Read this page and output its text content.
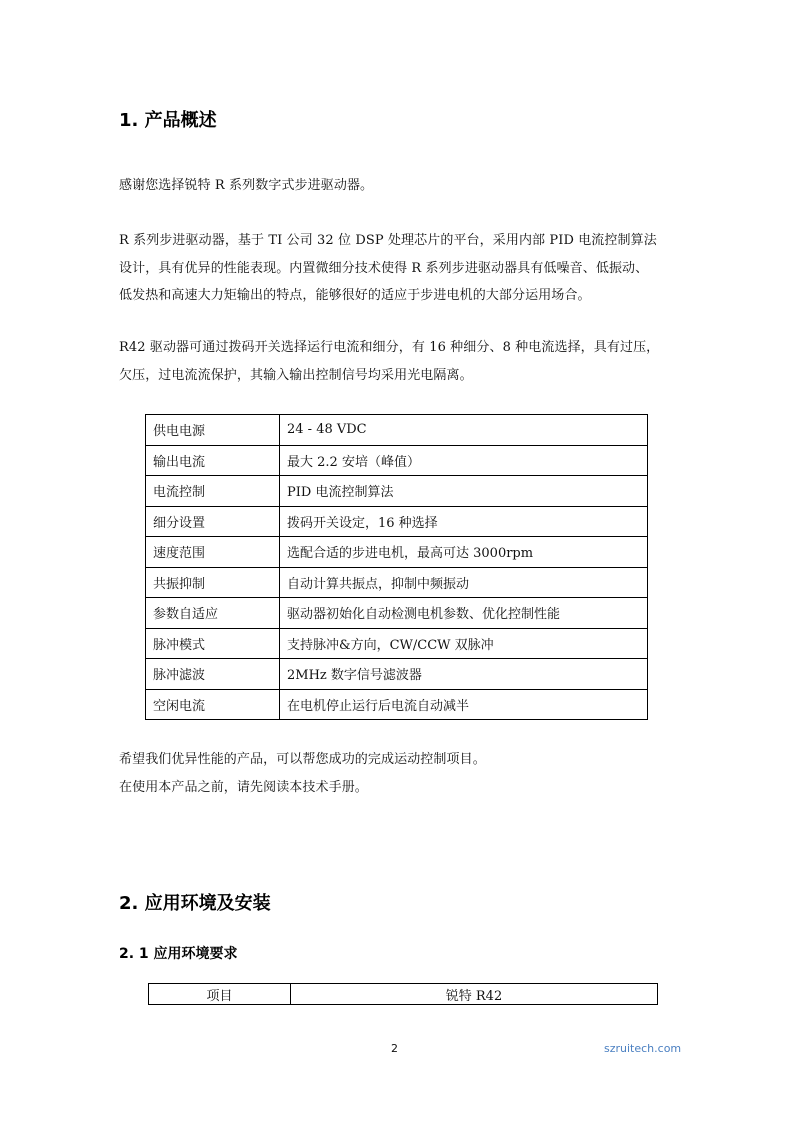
1. 产品概述
感谢您选择锐特 R 系列数字式步进驱动器。
R 系列步进驱动器，基于 TI 公司 32 位 DSP 处理芯片的平台，采用内部 PID 电流控制算法
设计，具有优异的性能表现。内置微细分技术使得 R 系列步进驱动器具有低噪音、低振动、
低发热和高速大力矩输出的特点，能够很好的适应于步进电机的大部分运用场合。
R42 驱动器可通过拨码开关选择运行电流和细分，有 16 种细分、8 种电流选择，具有过压，
欠压，过电流流保护，其输入输出控制信号均采用光电隔离。
供电电源	24 - 48 VDC
输出电流	最大 2.2 安培（峰值）
电流控制	PID 电流控制算法
细分设置	拨码开关设定，16 种选择
速度范围	选配合适的步进电机，最高可达 3000rpm
共振抑制	自动计算共振点，抑制中频振动
参数自适应	驱动器初始化自动检测电机参数、优化控制性能
脉冲模式	支持脉冲&方向，CW/CCW 双脉冲
脉冲滤波	2MHz 数字信号滤波器
空闲电流	在电机停止运行后电流自动减半
希望我们优异性能的产品，可以帮您成功的完成运动控制项目。
在使用本产品之前，请先阅读本技术手册。
2. 应用环境及安装
2. 1 应用环境要求
项目	锐特 R42
2	szruitech.com
